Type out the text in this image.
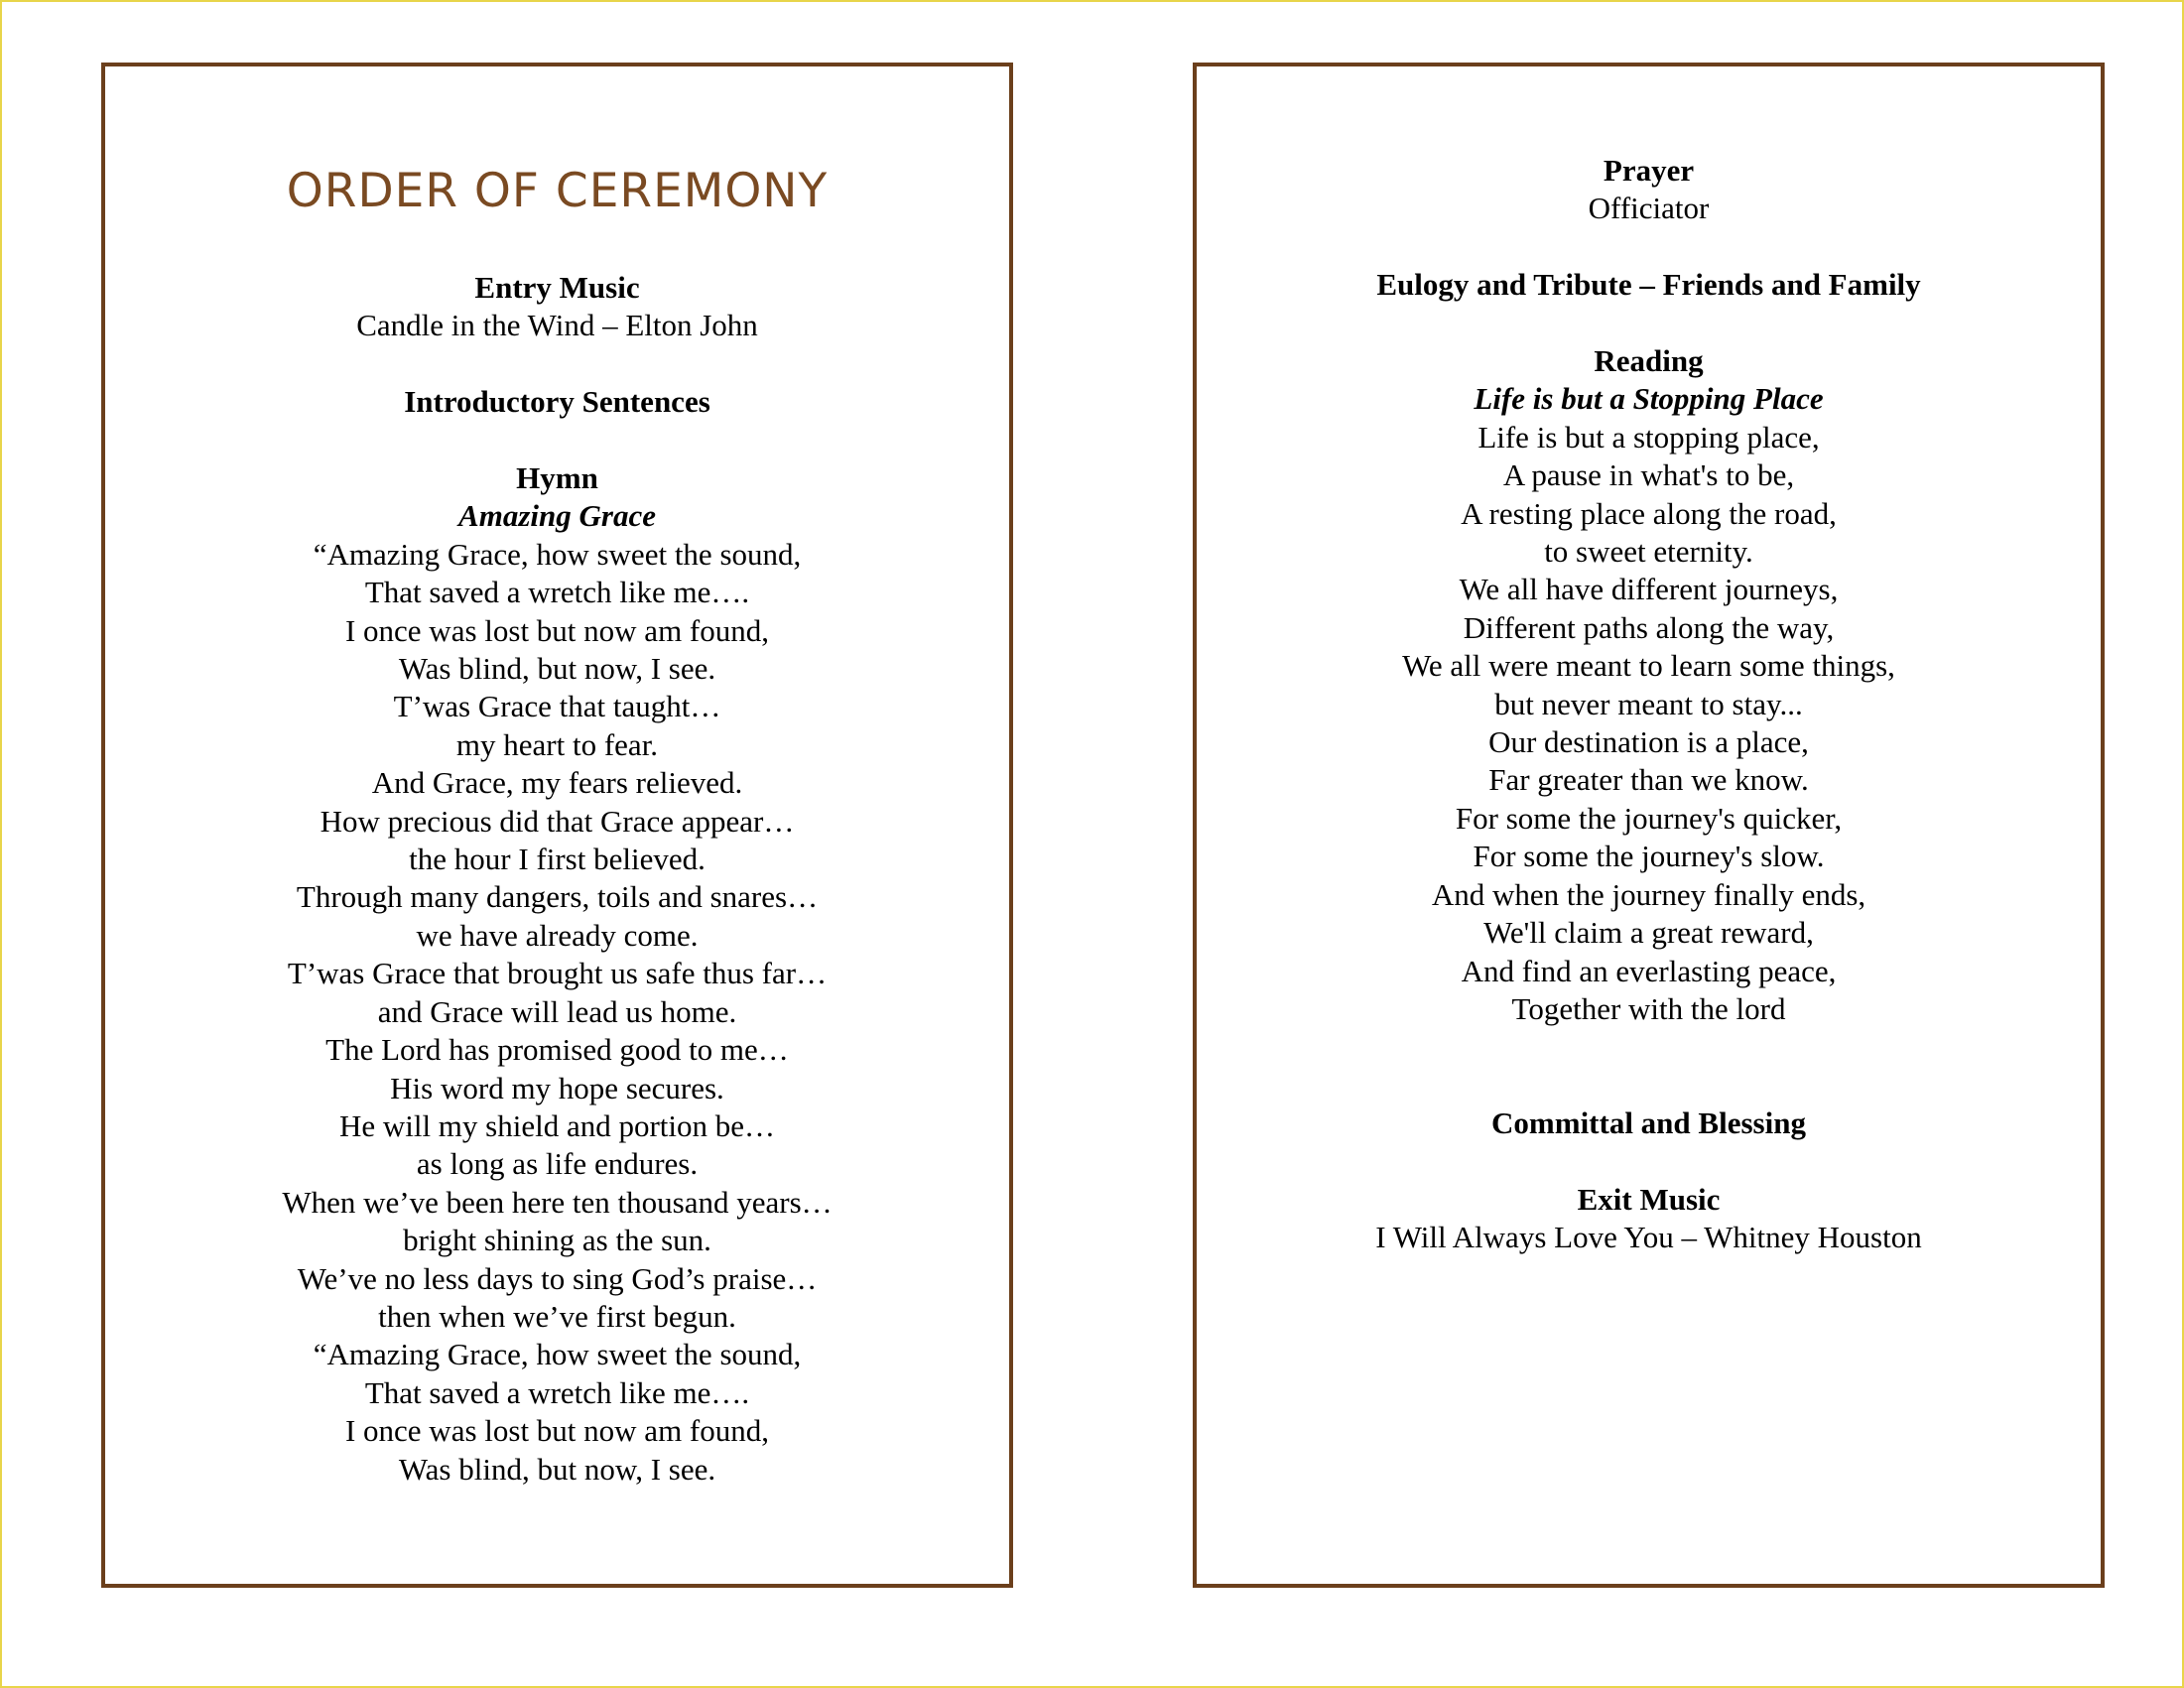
ORDER OF CEREMONY
Entry Music
Candle in the Wind – Elton John
Introductory Sentences
Hymn
Amazing Grace
“Amazing Grace, how sweet the sound,
That saved a wretch like me….
I once was lost but now am found,
Was blind, but now, I see.
T’was Grace that taught…
my heart to fear.
And Grace, my fears relieved.
How precious did that Grace appear…
the hour I first believed.
Through many dangers, toils and snares…
we have already come.
T’was Grace that brought us safe thus far…
and Grace will lead us home.
The Lord has promised good to me…
His word my hope secures.
He will my shield and portion be…
as long as life endures.
When we’ve been here ten thousand years…
bright shining as the sun.
We’ve no less days to sing God’s praise…
then when we’ve first begun.
“Amazing Grace, how sweet the sound,
That saved a wretch like me….
I once was lost but now am found,
Was blind, but now, I see.
Prayer
Officiator
Eulogy and Tribute – Friends and Family
Reading
Life is but a Stopping Place
Life is but a stopping place,
A pause in what's to be,
A resting place along the road,
to sweet eternity.
We all have different journeys,
Different paths along the way,
We all were meant to learn some things,
but never meant to stay...
Our destination is a place,
Far greater than we know.
For some the journey's quicker,
For some the journey's slow.
And when the journey finally ends,
We'll claim a great reward,
And find an everlasting peace,
Together with the lord
Committal and Blessing
Exit Music
I Will Always Love You – Whitney Houston
